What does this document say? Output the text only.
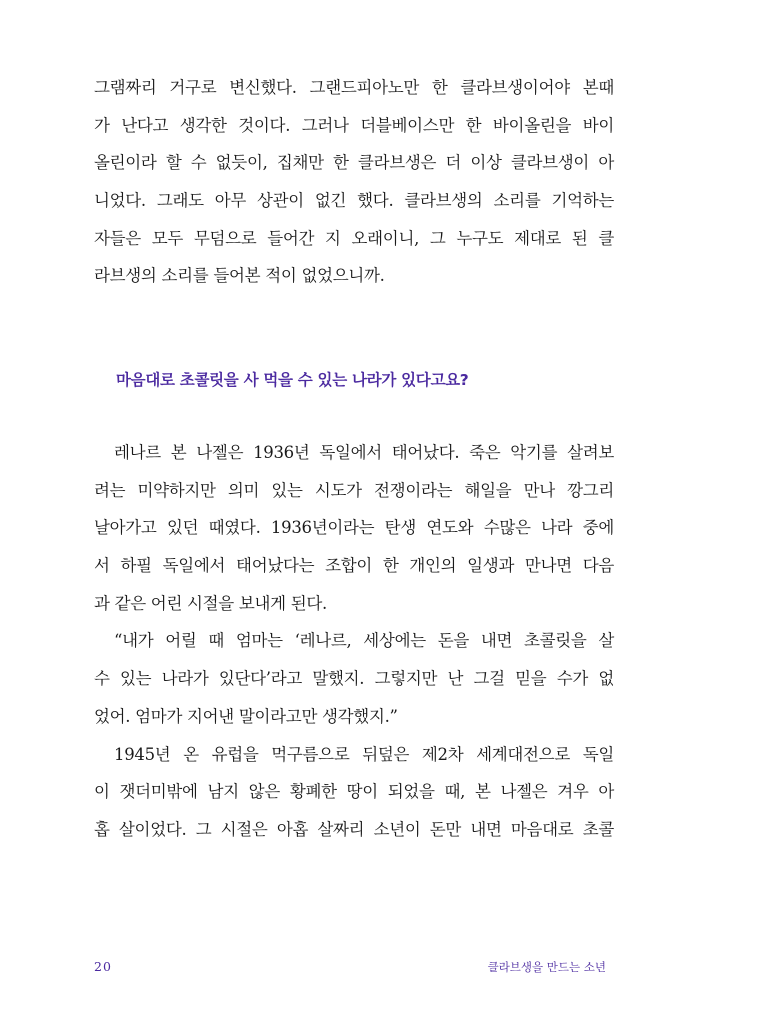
그램짜리 거구로 변신했다. 그랜드피아노만 한 클라브생이어야 본때
가 난다고 생각한 것이다. 그러나 더블베이스만 한 바이올린을 바이
올린이라 할 수 없듯이, 집채만 한 클라브생은 더 이상 클라브생이 아
니었다. 그래도 아무 상관이 없긴 했다. 클라브생의 소리를 기억하는
자들은 모두 무덤으로 들어간 지 오래이니, 그 누구도 제대로 된 클
라브생의 소리를 들어본 적이 없었으니까.
마음대로 초콜릿을 사 먹을 수 있는 나라가 있다고요?
레나르 본 나젤은 1936년 독일에서 태어났다. 죽은 악기를 살려보
려는 미약하지만 의미 있는 시도가 전쟁이라는 해일을 만나 깡그리
날아가고 있던 때였다. 1936년이라는 탄생 연도와 수많은 나라 중에
서 하필 독일에서 태어났다는 조합이 한 개인의 일생과 만나면 다음
과 같은 어린 시절을 보내게 된다.
“내가 어릴 때 엄마는 ‘레나르, 세상에는 돈을 내면 초콜릿을 살
수 있는 나라가 있단다’라고 말했지. 그렇지만 난 그걸 믿을 수가 없
었어. 엄마가 지어낸 말이라고만 생각했지.”
1945년 온 유럽을 먹구름으로 뒤덮은 제2차 세계대전으로 독일
이 잿더미밖에 남지 않은 황폐한 땅이 되었을 때, 본 나젤은 겨우 아
홉 살이었다. 그 시절은 아홉 살짜리 소년이 돈만 내면 마음대로 초콜
20	클라브생을 만드는 소년
